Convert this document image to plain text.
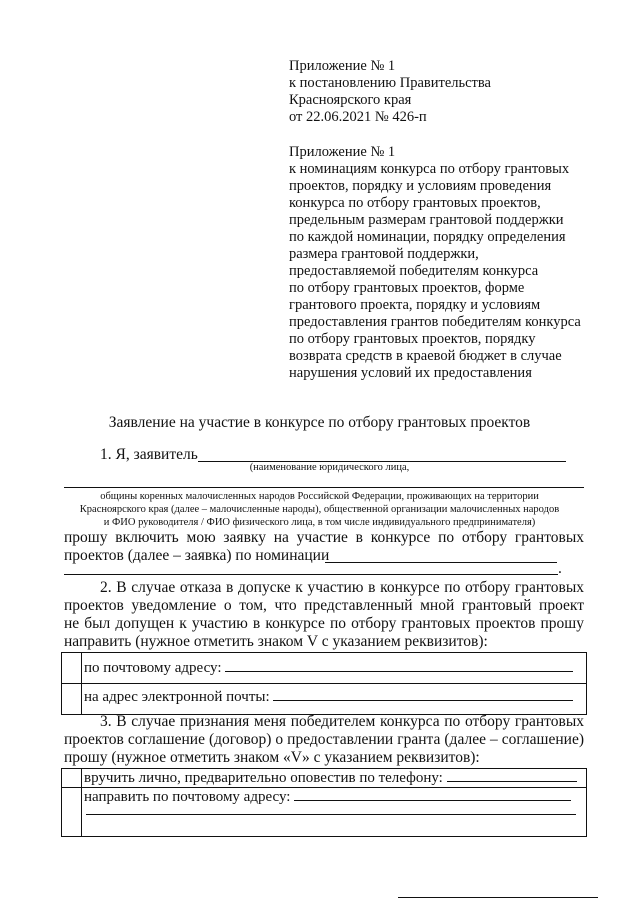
Приложение № 1
к постановлению Правительства
Красноярского края
от 22.06.2021 № 426-п
Приложение № 1
к номинациям конкурса по отбору грантовых
проектов, порядку и условиям проведения
конкурса по отбору грантовых проектов,
предельным размерам грантовой поддержки
по каждой номинации, порядку определения
размера грантовой поддержки,
предоставляемой победителям конкурса
по отбору грантовых проектов, форме
грантового проекта, порядку и условиям
предоставления грантов победителям конкурса
по отбору грантовых проектов, порядку
возврата средств в краевой бюджет в случае
нарушения условий их предоставления
Заявление на участие в конкурсе по отбору грантовых проектов
1. Я, заявитель
(наименование юридического лица,
общины коренных малочисленных народов Российской Федерации, проживающих на территории
Красноярского края (далее – малочисленные народы), общественной организации малочисленных народов
и ФИО руководителя / ФИО физического лица, в том числе индивидуального предпринимателя)
прошу включить мою заявку на участие в конкурсе по отбору грантовых
проектов (далее – заявка) по номинации
.
2. В случае отказа в допуске к участию в конкурсе по отбору грантовых
проектов уведомление о том, что представленный мной грантовый проект
не был допущен к участию в конкурсе по отбору грантовых проектов прошу
направить (нужное отметить знаком V с указанием реквизитов):

	по почтовому адресу:

	на адрес электронной почты:
3. В случае признания меня победителем конкурса по отбору грантовых
проектов соглашение (договор) о предоставлении гранта (далее – соглашение)
прошу (нужное отметить знаком «V» с указанием реквизитов):

	вручить лично, предварительно оповестив по телефону:

	направить по почтовому адресу:
